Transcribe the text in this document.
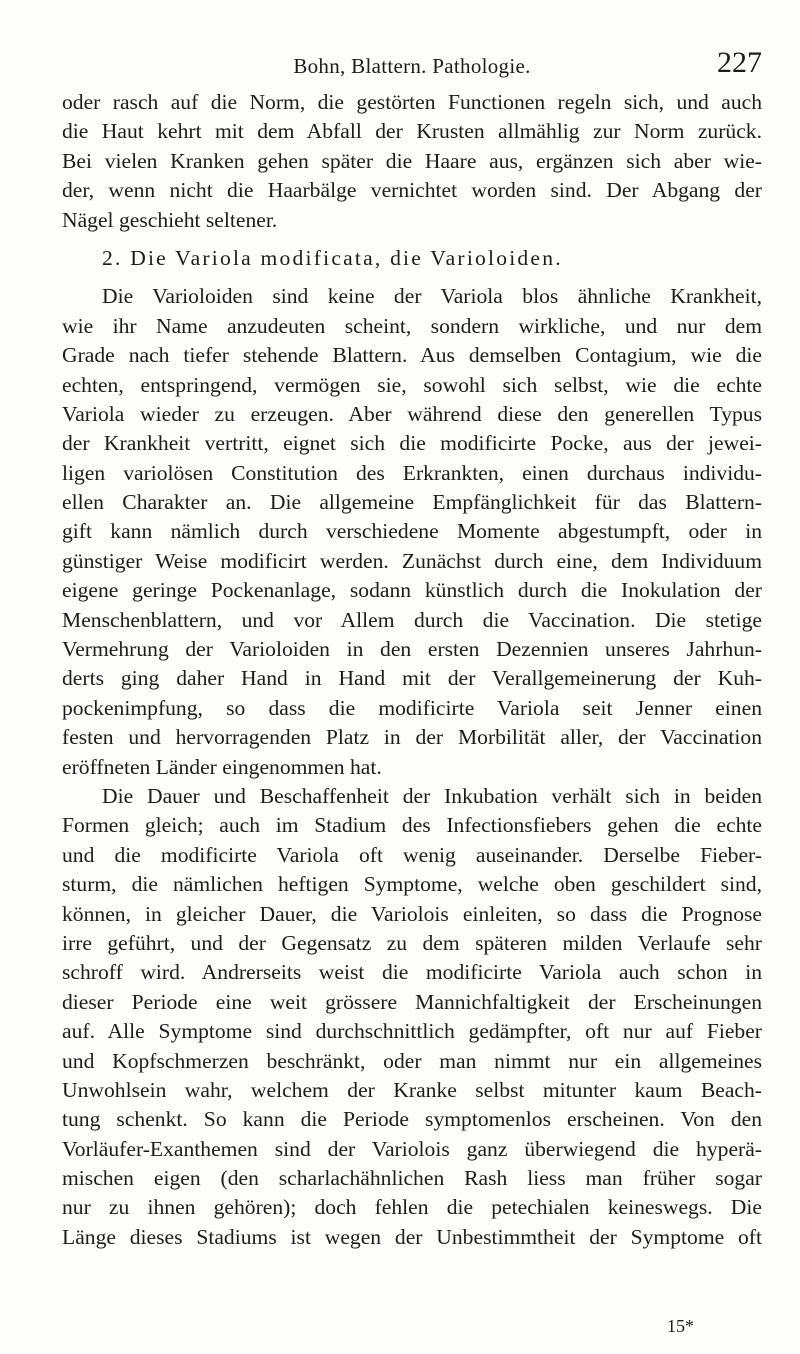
Bohn, Blattern. Pathologie.	227
oder rasch auf die Norm, die gestörten Functionen regeln sich, und auch
die Haut kehrt mit dem Abfall der Krusten allmählig zur Norm zurück.
Bei vielen Kranken gehen später die Haare aus, ergänzen sich aber wie-
der, wenn nicht die Haarbälge vernichtet worden sind. Der Abgang der
Nägel geschieht seltener.
2. Die Variola modificata, die Varioloiden.
Die Varioloiden sind keine der Variola blos ähnliche Krankheit,
wie ihr Name anzudeuten scheint, sondern wirkliche, und nur dem
Grade nach tiefer stehende Blattern. Aus demselben Contagium, wie die
echten, entspringend, vermögen sie, sowohl sich selbst, wie die echte
Variola wieder zu erzeugen. Aber während diese den generellen Typus
der Krankheit vertritt, eignet sich die modificirte Pocke, aus der jewei-
ligen variolösen Constitution des Erkrankten, einen durchaus individu-
ellen Charakter an. Die allgemeine Empfänglichkeit für das Blattern-
gift kann nämlich durch verschiedene Momente abgestumpft, oder in
günstiger Weise modificirt werden. Zunächst durch eine, dem Individuum
eigene geringe Pockenanlage, sodann künstlich durch die Inokulation der
Menschenblattern, und vor Allem durch die Vaccination. Die stetige
Vermehrung der Varioloiden in den ersten Dezennien unseres Jahrhun-
derts ging daher Hand in Hand mit der Verallgemeinerung der Kuh-
pockenimpfung, so dass die modificirte Variola seit Jenner einen
festen und hervorragenden Platz in der Morbilität aller, der Vaccination
eröffneten Länder eingenommen hat.
Die Dauer und Beschaffenheit der Inkubation verhält sich in beiden
Formen gleich; auch im Stadium des Infectionsfiebers gehen die echte
und die modificirte Variola oft wenig auseinander. Derselbe Fieber-
sturm, die nämlichen heftigen Symptome, welche oben geschildert sind,
können, in gleicher Dauer, die Variolois einleiten, so dass die Prognose
irre geführt, und der Gegensatz zu dem späteren milden Verlaufe sehr
schroff wird. Andrerseits weist die modificirte Variola auch schon in
dieser Periode eine weit grössere Mannichfaltigkeit der Erscheinungen
auf. Alle Symptome sind durchschnittlich gedämpfter, oft nur auf Fieber
und Kopfschmerzen beschränkt, oder man nimmt nur ein allgemeines
Unwohlsein wahr, welchem der Kranke selbst mitunter kaum Beach-
tung schenkt. So kann die Periode symptomenlos erscheinen. Von den
Vorläufer-Exanthemen sind der Variolois ganz überwiegend die hyperä-
mischen eigen (den scharlachähnlichen Rash liess man früher sogar
nur zu ihnen gehören); doch fehlen die petechialen keineswegs. Die
Länge dieses Stadiums ist wegen der Unbestimmtheit der Symptome oft
15*
